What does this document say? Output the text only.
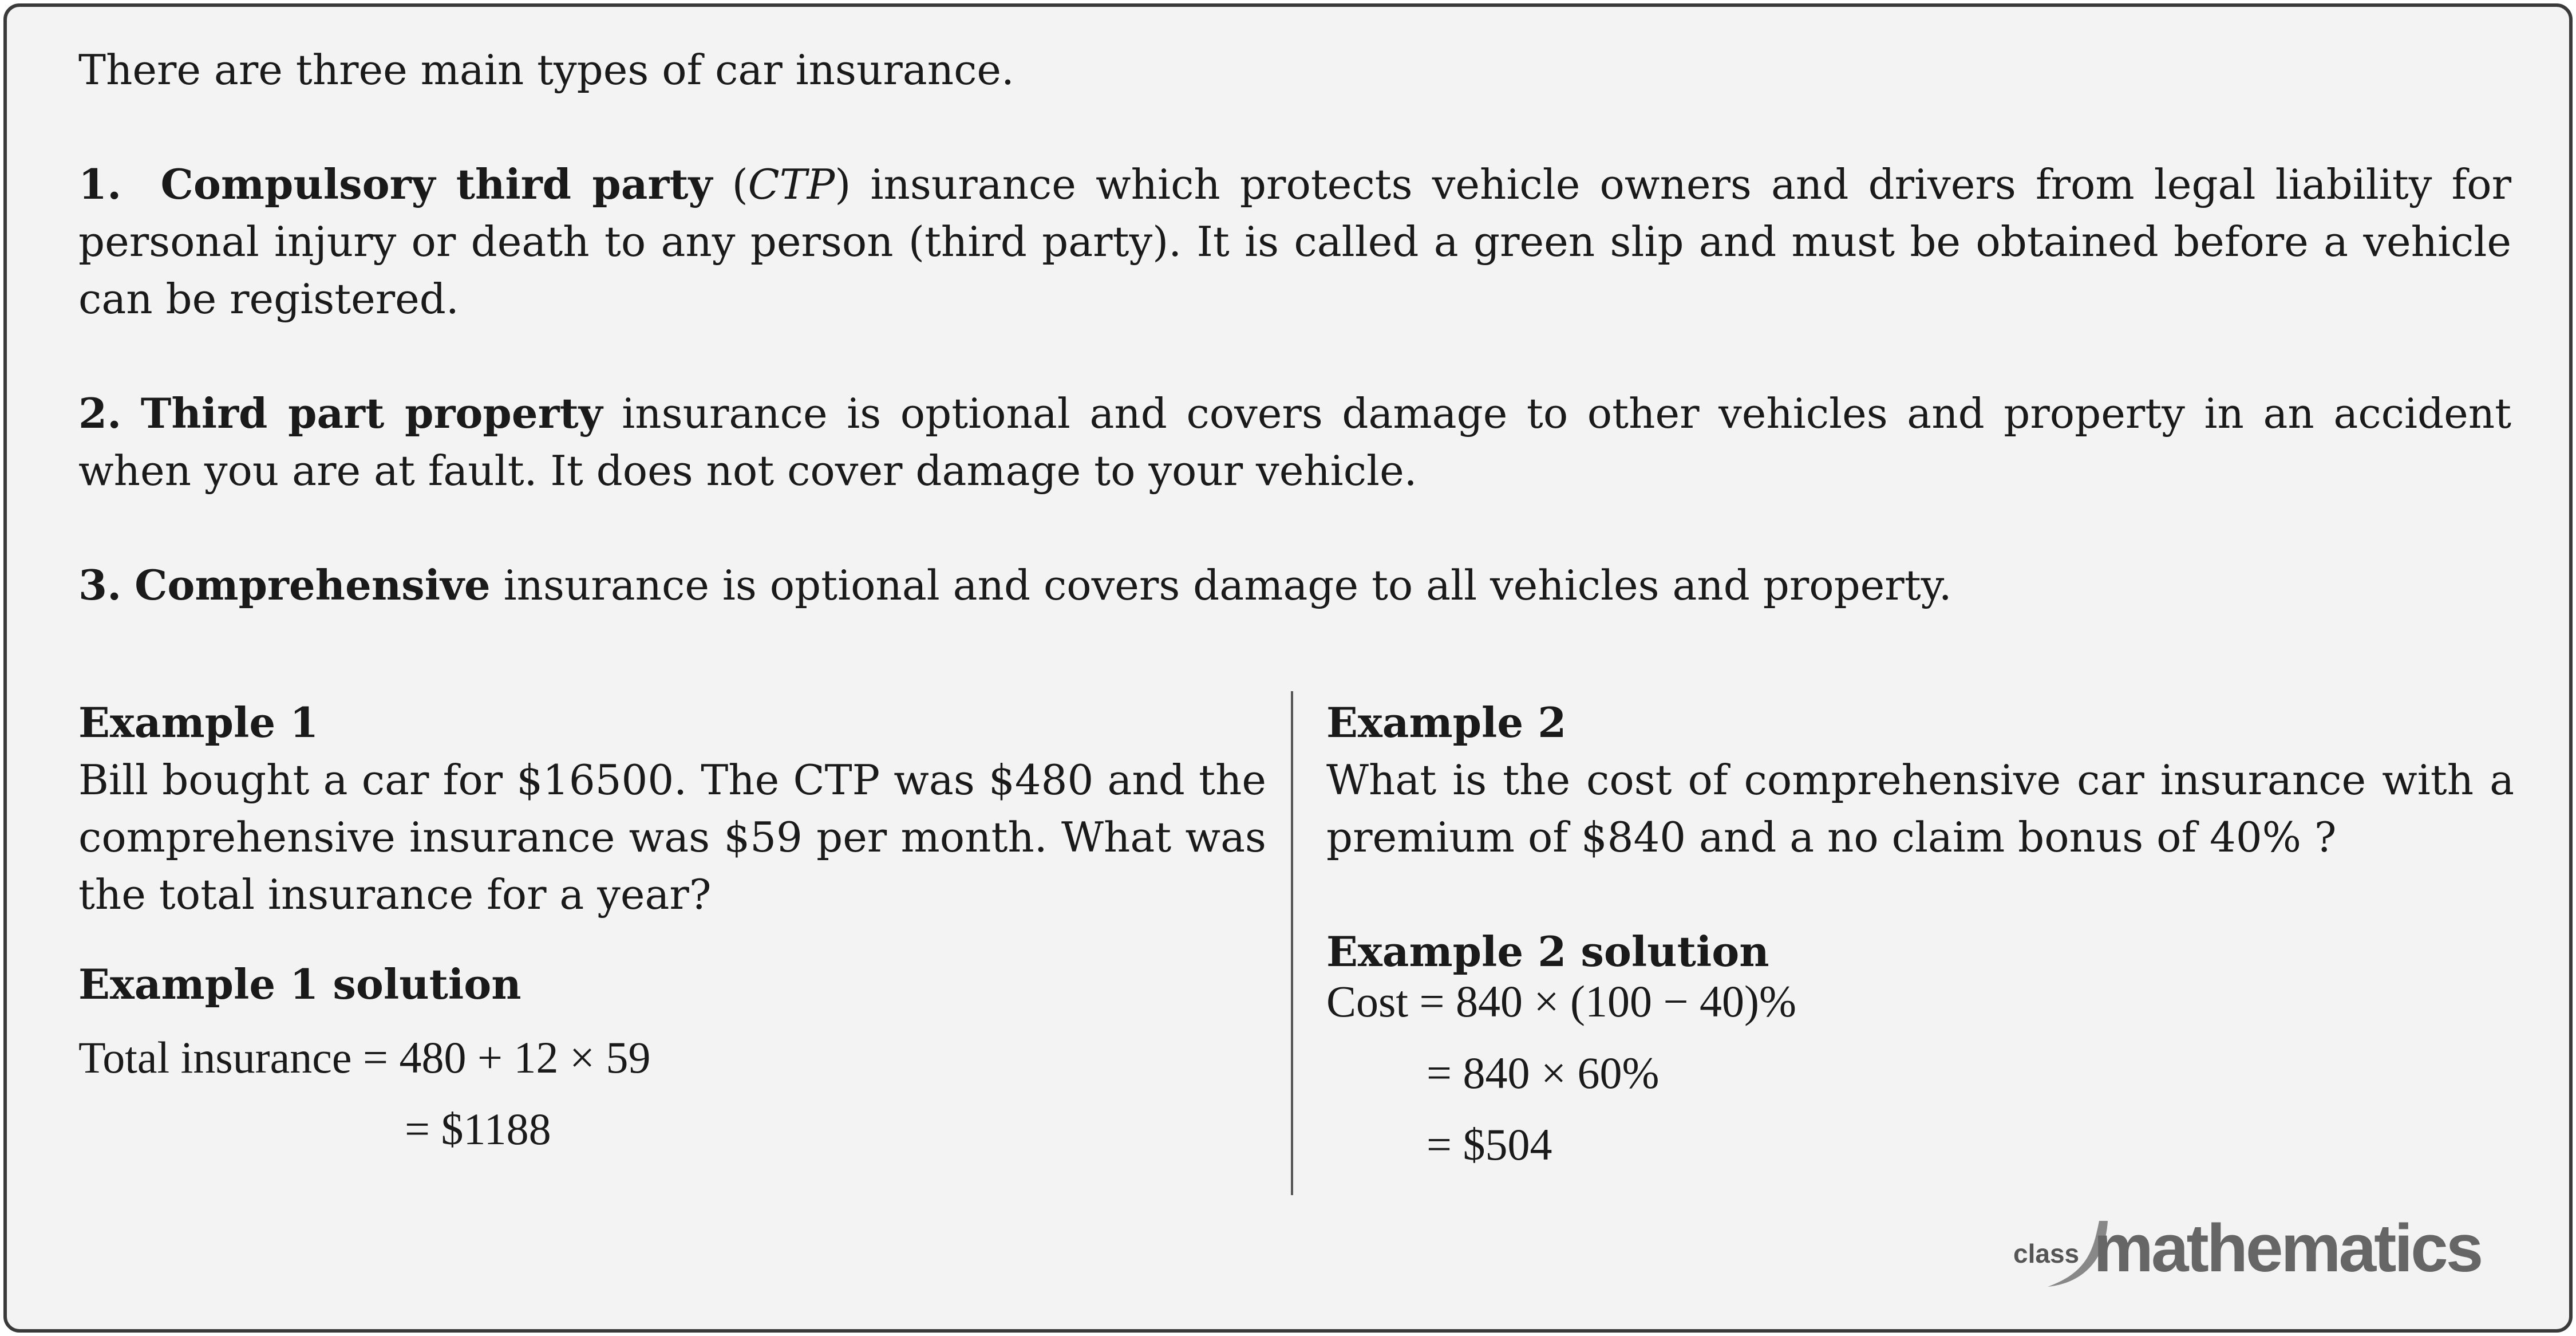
There are three main types of car insurance.
1. Compulsory third party (CTP) insurance which protects vehicle owners and drivers from legal liability for personal injury or death to any person (third party). It is called a green slip and must be obtained before a vehicle can be registered.
2. Third part property insurance is optional and covers damage to other vehicles and property in an accident when you are at fault. It does not cover damage to your vehicle.
3. Comprehensive insurance is optional and covers damage to all vehicles and property.
Example 1
Bill bought a car for $16500. The CTP was $480 and the comprehensive insurance was $59 per month. What was the total insurance for a year?
Example 1 solution
Total insurance = 480 + 12 × 59
= $1188
Example 2
What is the cost of comprehensive car insurance with a premium of $840 and a no claim bonus of 40% ?
Example 2 solution
Cost = 840 × (100 − 40)%
= 840 × 60%
= $504
class mathematics
